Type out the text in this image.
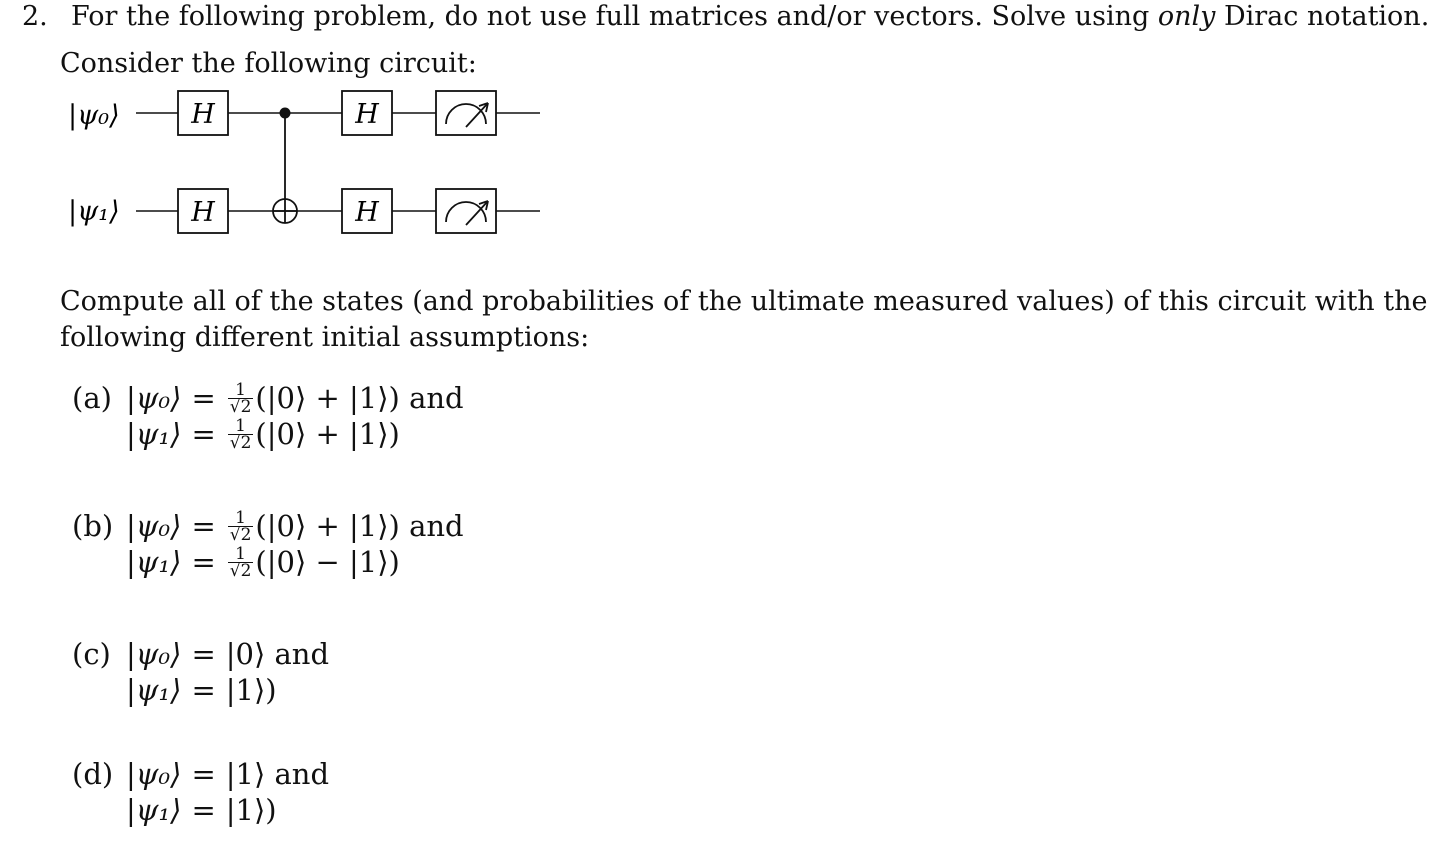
2. For the following problem, do not use full matrices and/or vectors. Solve using only Dirac notation.
Consider the following circuit:
|ψ₀⟩
|ψ₁⟩
H
H
H
H
Compute all of the states (and probabilities of the ultimate measured values) of this circuit with the
following different initial assumptions:
(a) |ψ₀⟩ = $\frac{1}{√2}$ (|0⟩ + |1⟩) and
|ψ₁⟩ = $\frac{1}{√2}$ (|0⟩ + |1⟩)
(b) |ψ₀⟩ = $\frac{1}{√2}$ (|0⟩ + |1⟩) and
|ψ₁⟩ = $\frac{1}{√2}$ (|0⟩ − |1⟩)
(c) |ψ₀⟩ = |0⟩ and
|ψ₁⟩ = |1⟩)
(d) |ψ₀⟩ = |1⟩ and
|ψ₁⟩ = |1⟩)
